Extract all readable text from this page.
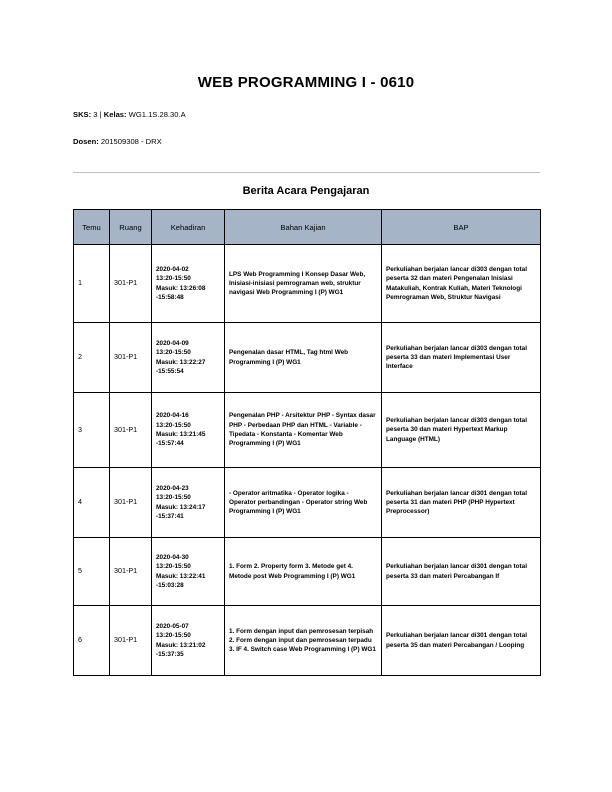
WEB PROGRAMMING I - 0610
SKS: 3 | Kelas: WG1.1S.28.30.A
Dosen: 201509308 - DRX
Berita Acara Pengajaran
Temu	Ruang	Kehadiran	Bahan Kajian	BAP
1	301-P1	2020-04-02
13:20-15:50
Masuk: 13:26:08
-15:58:48	LPS Web Programming I Konsep Dasar Web, Inisiasi-inisiasi pemrograman web, struktur navigasi Web Programming I (P) WG1	Perkuliahan berjalan lancar di303 dengan total peserta 32 dan materi Pengenalan Inisiasi Matakuliah, Kontrak Kuliah, Materi Teknologi Pemrograman Web, Struktur Navigasi
2	301-P1	2020-04-09
13:20-15:50
Masuk: 13:22:27
-15:55:54	Pengenalan dasar HTML, Tag html Web Programming I (P) WG1	Perkuliahan berjalan lancar di303 dengan total peserta 33 dan materi Implementasi User Interface
3	301-P1	2020-04-16
13:20-15:50
Masuk: 13:21:45
-15:57:44	Pengenalan PHP - Arsitektur PHP - Syntax dasar PHP - Perbedaan PHP dan HTML - Variable - Tipedata - Konstanta - Komentar Web Programming I (P) WG1	Perkuliahan berjalan lancar di303 dengan total peserta 30 dan materi Hypertext Markup Language (HTML)
4	301-P1	2020-04-23
13:20-15:50
Masuk: 13:24:17
-15:37:41	- Operator aritmatika - Operator logika - Operator perbandingan - Operator string Web Programming I (P) WG1	Perkuliahan berjalan lancar di301 dengan total peserta 31 dan materi PHP (PHP Hypertext Preprocessor)
5	301-P1	2020-04-30
13:20-15:50
Masuk: 13:22:41
-15:03:28	1. Form 2. Property form 3. Metode get 4. Metode post Web Programming I (P) WG1	Perkuliahan berjalan lancar di301 dengan total peserta 33 dan materi Percabangan If
6	301-P1	2020-05-07
13:20-15:50
Masuk: 13:21:02
-15:37:35	1. Form dengan input dan pemrosesan terpisah 2. Form dengan input dan pemrosesan terpadu 3. IF 4. Switch case Web Programming I (P) WG1	Perkuliahan berjalan lancar di301 dengan total peserta 35 dan materi Percabangan / Looping
